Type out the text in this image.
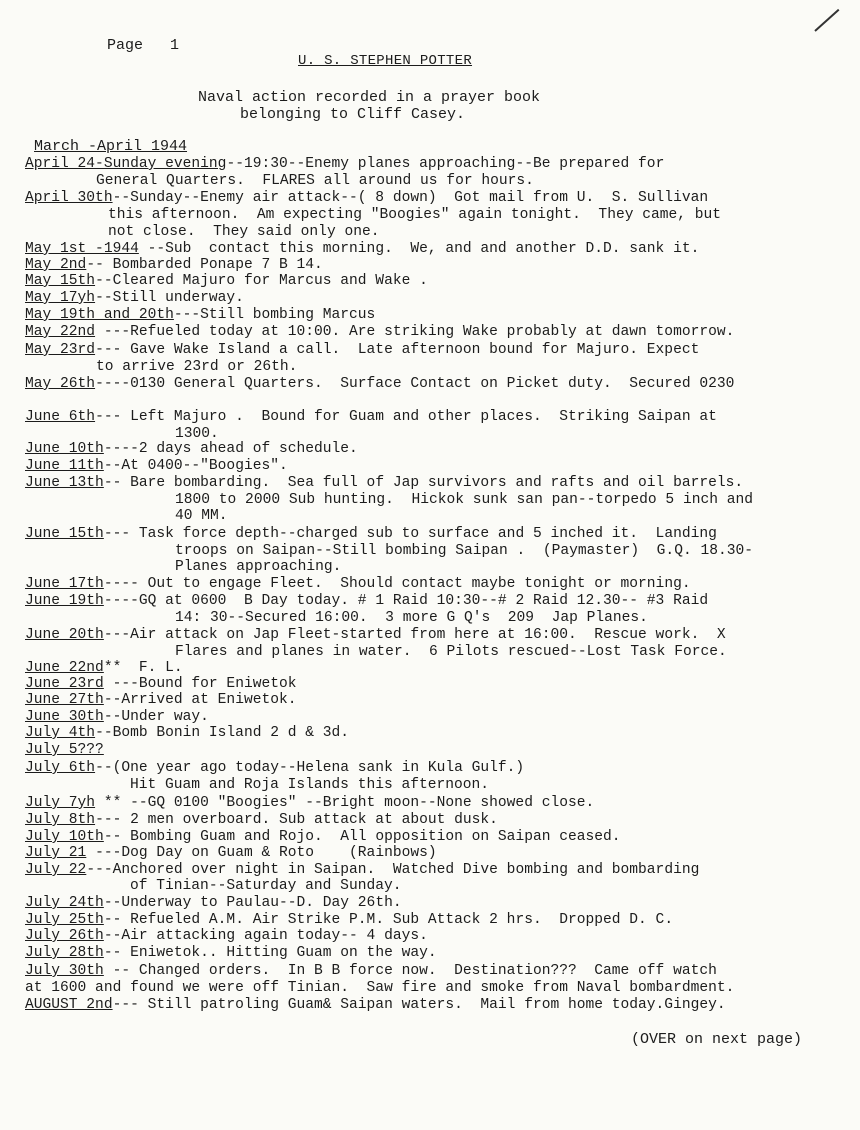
Page   1
U. S. STEPHEN POTTER
Naval action recorded in a prayer book
belonging to Cliff Casey.
March -April 1944
April 24-Sunday evening--19:30--Enemy planes approaching--Be prepared for
General Quarters.  FLARES all around us for hours.
April 30th--Sunday--Enemy air attack--( 8 down)  Got mail from U.  S. Sullivan
this afternoon.  Am expecting "Boogies" again tonight.  They came, but
not close.  They said only one.
May 1st -1944 --Sub  contact this morning.  We, and and another D.D. sank it.
May 2nd-- Bombarded Ponape 7 B 14.
May 15th--Cleared Majuro for Marcus and Wake .
May 17yh--Still underway.
May 19th and 20th---Still bombing Marcus
May 22nd ---Refueled today at 10:00. Are striking Wake probably at dawn tomorrow.
May 23rd--- Gave Wake Island a call.  Late afternoon bound for Majuro. Expect
to arrive 23rd or 26th.
May 26th----0130 General Quarters.  Surface Contact on Picket duty.  Secured 0230
June 6th--- Left Majuro .  Bound for Guam and other places.  Striking Saipan at
1300.
June 10th----2 days ahead of schedule.
June 11th--At 0400--"Boogies".
June 13th-- Bare bombarding.  Sea full of Jap survivors and rafts and oil barrels.
1800 to 2000 Sub hunting.  Hickok sunk san pan--torpedo 5 inch and
40 MM.
June 15th--- Task force depth--charged sub to surface and 5 inched it.  Landing
troops on Saipan--Still bombing Saipan .  (Paymaster)  G.Q. 18.30-
Planes approaching.
June 17th---- Out to engage Fleet.  Should contact maybe tonight or morning.
June 19th----GQ at 0600  B Day today. # 1 Raid 10:30--# 2 Raid 12.30-- #3 Raid
14: 30--Secured 16:00.  3 more G Q's  209  Jap Planes.
June 20th---Air attack on Jap Fleet-started from here at 16:00.  Rescue work.  X
Flares and planes in water.  6 Pilots rescued--Lost Task Force.
June 22nd**  F. L.
June 23rd ---Bound for Eniwetok
June 27th--Arrived at Eniwetok.
June 30th--Under way.
July 4th--Bomb Bonin Island 2 d & 3d.
July 5???
July 6th--(One year ago today--Helena sank in Kula Gulf.)
Hit Guam and Roja Islands this afternoon.
July 7yh ** --GQ 0100 "Boogies" --Bright moon--None showed close.
July 8th--- 2 men overboard. Sub attack at about dusk.
July 10th-- Bombing Guam and Rojo.  All opposition on Saipan ceased.
July 21 ---Dog Day on Guam & Roto    (Rainbows)
July 22---Anchored over night in Saipan.  Watched Dive bombing and bombarding
of Tinian--Saturday and Sunday.
July 24th--Underway to Paulau--D. Day 26th.
July 25th-- Refueled A.M. Air Strike P.M. Sub Attack 2 hrs.  Dropped D. C.
July 26th--Air attacking again today-- 4 days.
July 28th-- Eniwetok.. Hitting Guam on the way.
July 30th -- Changed orders.  In B B force now.  Destination???  Came off watch
at 1600 and found we were off Tinian.  Saw fire and smoke from Naval bombardment.
AUGUST 2nd--- Still patroling Guam& Saipan waters.  Mail from home today.Gingey.
(OVER on next page)
